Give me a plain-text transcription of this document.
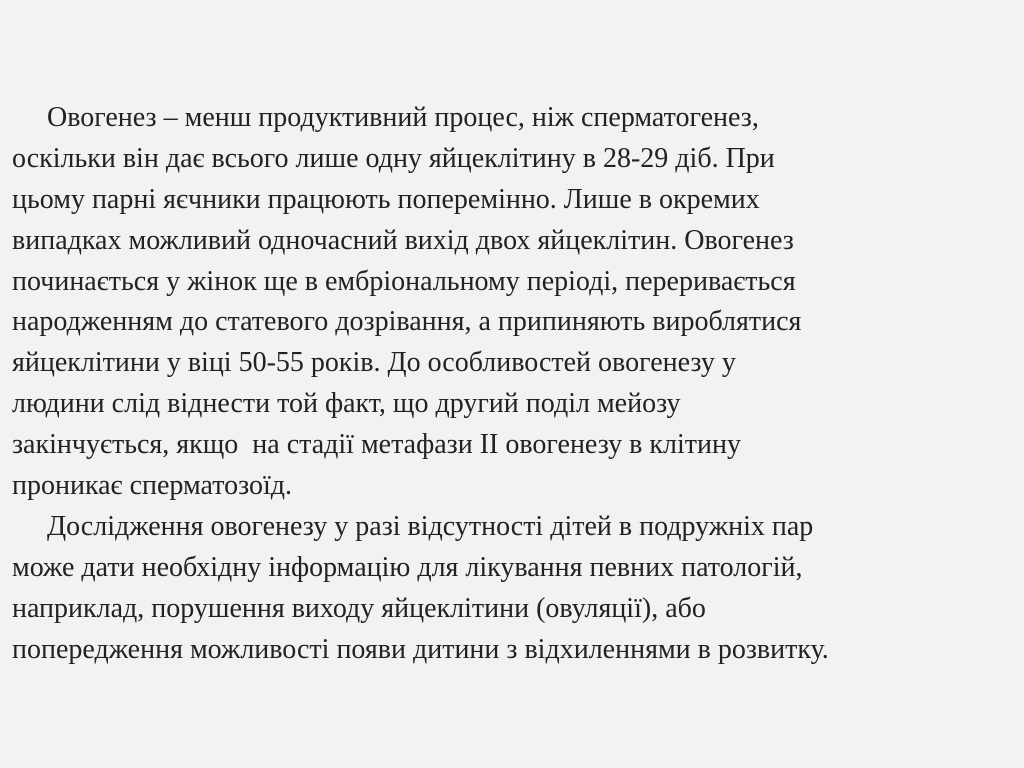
Овогенез – менш продуктивний процес, ніж сперматогенез,
оскільки він дає всього лише одну яйцеклітину в 28-29 діб. При
цьому парні яєчники працюють поперемінно. Лише в окремих
випадках можливий одночасний вихід двох яйцеклітин. Овогенез
починається у жінок ще в ембріональному періоді, переривається
народженням до статевого дозрівання, а припиняють вироблятися
яйцеклітини у віці 50-55 років. До особливостей овогенезу у
людини слід віднести той факт, що другий поділ мейозу
закінчується, якщо  на стадії метафази ІІ овогенезу в клітину
проникає сперматозоїд.
Дослідження овогенезу у разі відсутності дітей в подружніх пар
може дати необхідну інформацію для лікування певних патологій,
наприклад, порушення виходу яйцеклітини (овуляції), або
попередження можливості появи дитини з відхиленнями в розвитку.
